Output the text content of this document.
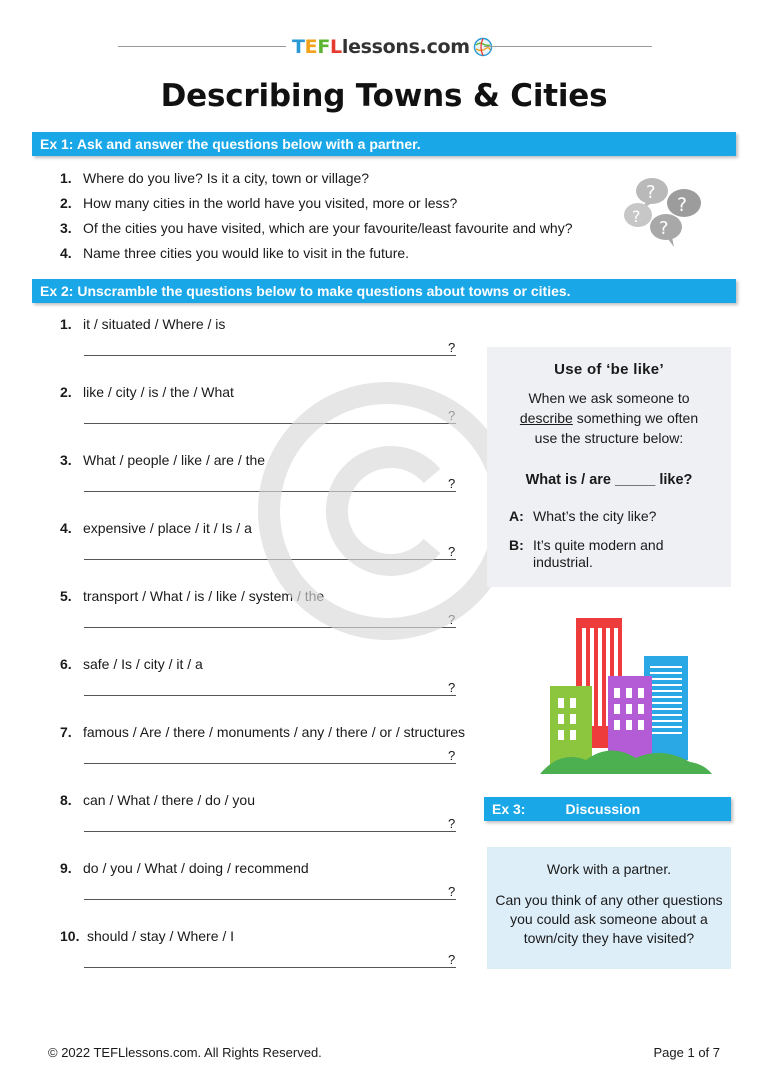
T E F L lessons.com
Describing Towns & Cities
Ex 1: Ask and answer the questions below with a partner.
1. Where do you live? Is it a city, town or village?
2. How many cities in the world have you visited, more or less?
3. Of the cities you have visited, which are your favourite/least favourite and why?
4. Name three cities you would like to visit in the future.
?
?
?
?
Ex 2: Unscramble the questions below to make questions about towns or cities.
1. it / situated / Where / is
?
2. like / city / is / the / What
?
3. What / people / like / are / the
?
4. expensive / place / it / Is / a
?
5. transport / What / is / like / system / the
?
6. safe / Is / city / it / a
?
7. famous / Are / there / monuments / any / there / or / structures
?
8. can / What / there / do / you
?
9. do / you / What / doing / recommend
?
10. should / stay / Where / I
?
Use of ‘be like’
When we ask someone to
describe something we often
use the structure below:
What is / are _____ like?
A: What’s the city like?
B: It’s quite modern and industrial.
Ex 3:	Discussion
Work with a partner.
Can you think of any other questions you could ask someone about a town/city they have visited?
© 2022 TEFLlessons.com. All Rights Reserved.	Page 1 of 7
